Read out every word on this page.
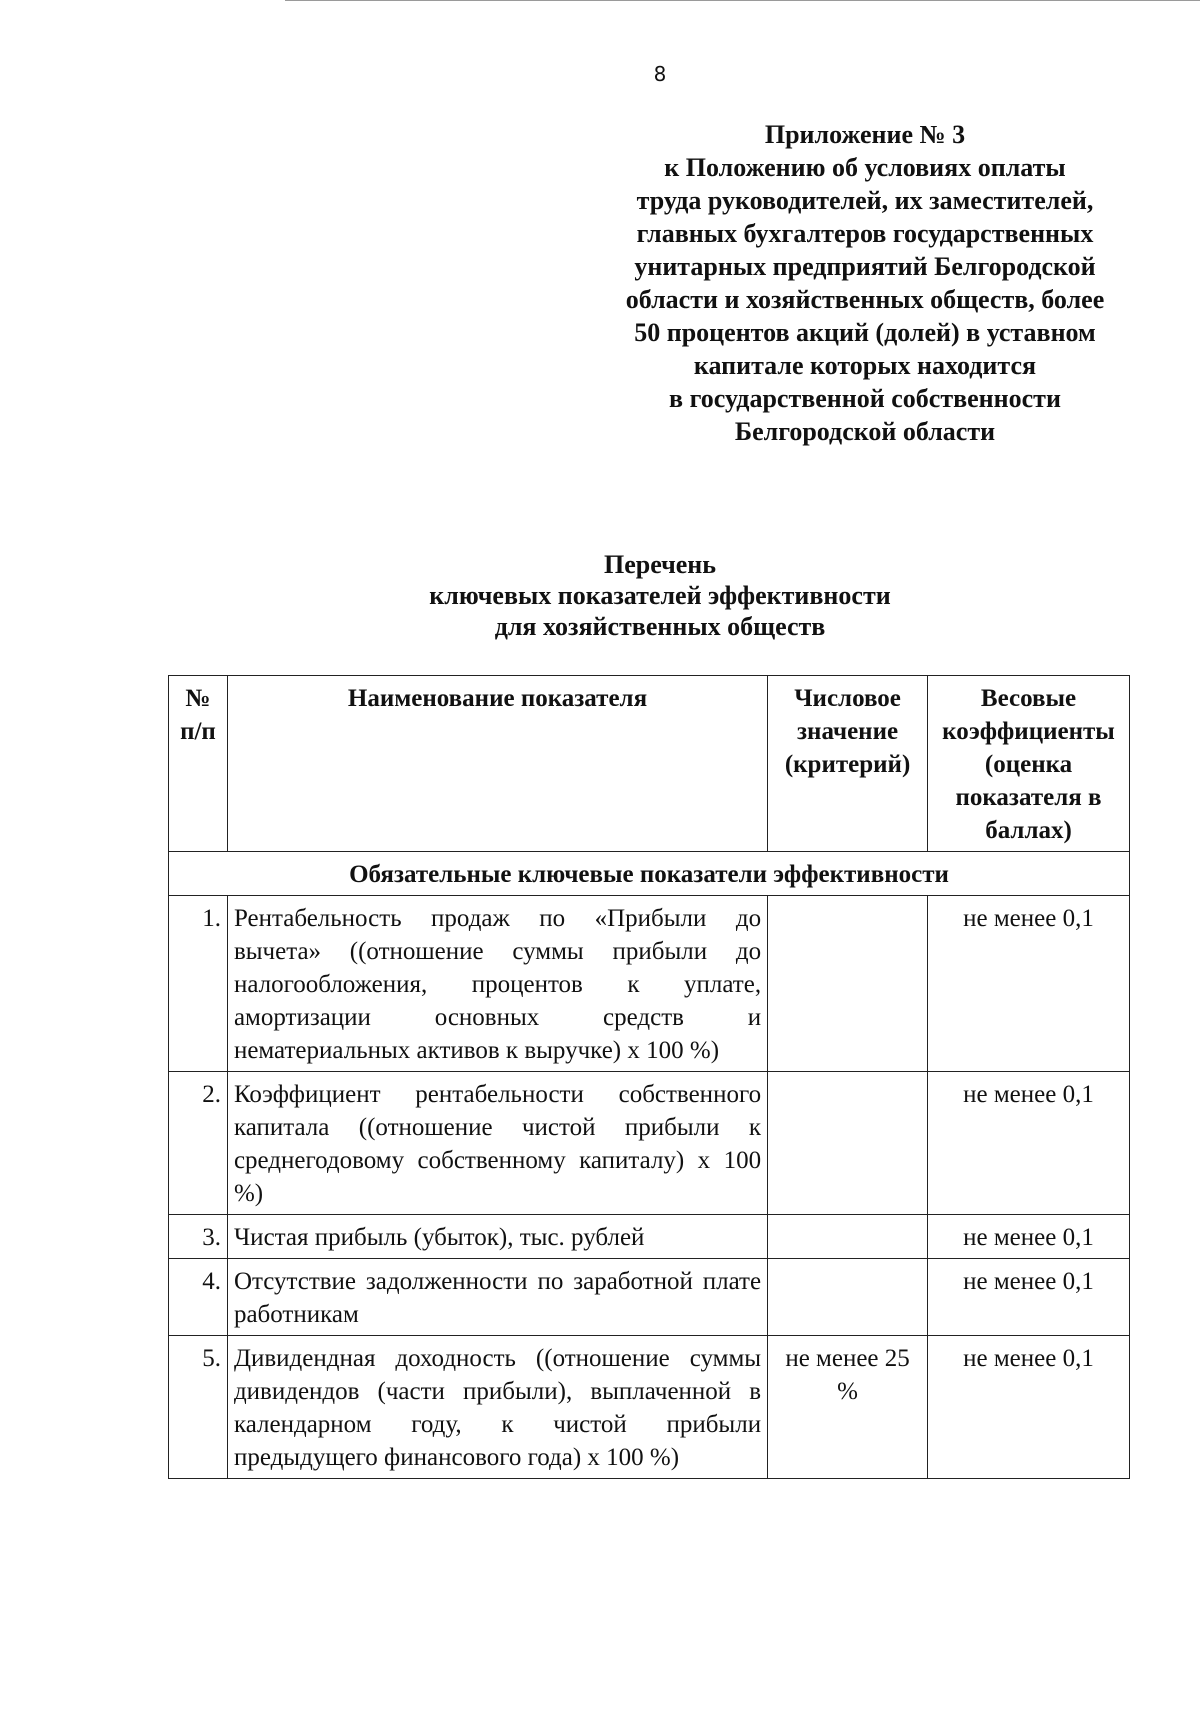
8
Приложение № 3
к Положению об условиях оплаты
труда руководителей, их заместителей,
главных бухгалтеров государственных
унитарных предприятий Белгородской
области и хозяйственных обществ, более
50 процентов акций (долей) в уставном
капитале которых находится
в государственной собственности
Белгородской области
Перечень
ключевых показателей эффективности
для хозяйственных обществ
№ п/п	Наименование показателя	Числовое значение (критерий)	Весовые коэффициенты (оценка показателя в баллах)
Обязательные ключевые показатели эффективности			
1.	Рентабельность продаж по «Прибыли до вычета» ((отношение суммы прибыли до налогообложения, процентов к уплате, амортизации основных средств и нематериальных активов к выручке) х 100 %)		не менее 0,1
2.	Коэффициент рентабельности собственного капитала ((отношение чистой прибыли к среднегодовому собственному капиталу) х 100 %)		не менее 0,1
3.	Чистая прибыль (убыток), тыс. рублей		не менее 0,1
4.	Отсутствие задолженности по заработной плате работникам		не менее 0,1
5.	Дивидендная доходность ((отношение суммы дивидендов (части прибыли), выплаченной в календарном году, к чистой прибыли предыдущего финансового года) х 100 %)	не менее 25 %	не менее 0,1
